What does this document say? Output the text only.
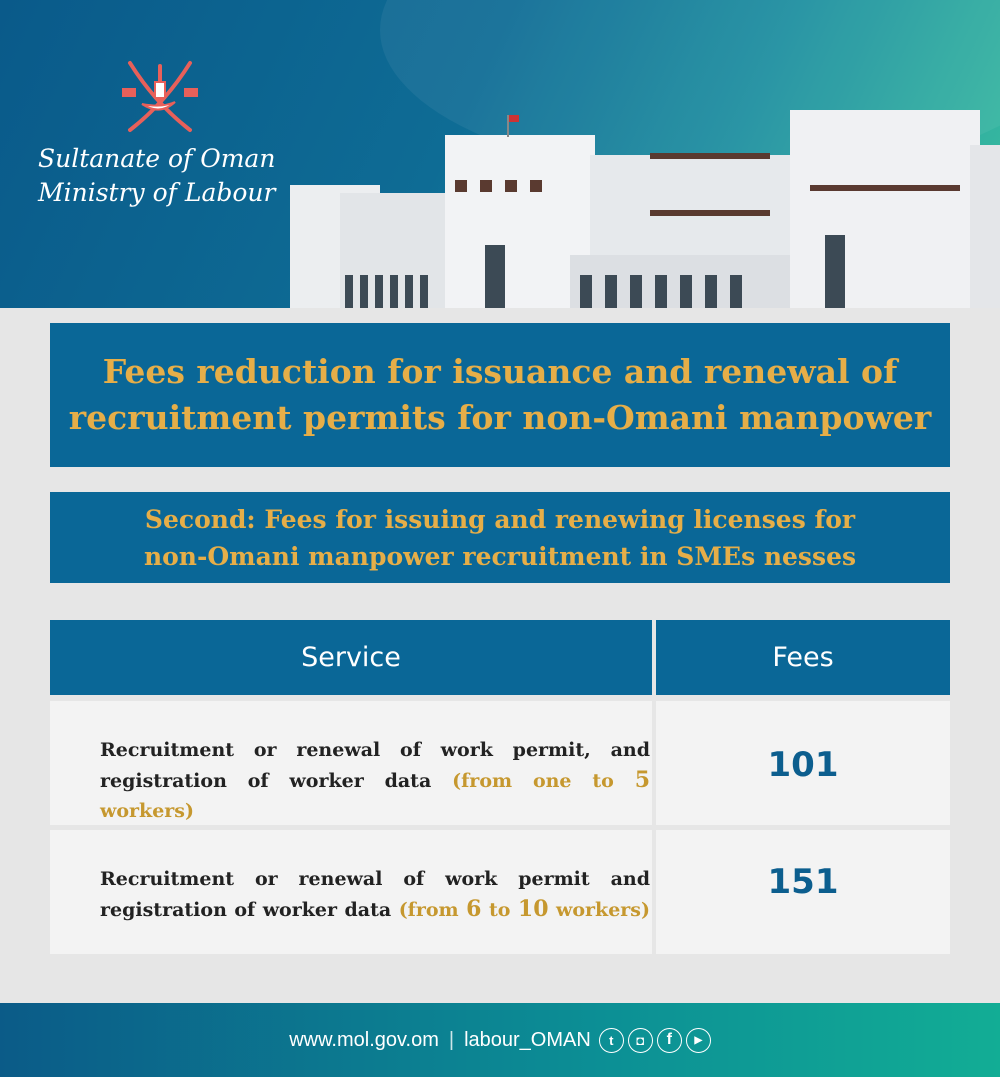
Sultanate of Oman
Ministry of Labour
Fees reduction for issuance and renewal of
recruitment permits for non-Omani manpower
Second: Fees for issuing and renewing licenses for
non-Omani manpower recruitment in SMEs nesses
Service	Fees
Recruitment or renewal of work permit, and
registration of worker data (from one to 5 workers)
101
Recruitment or renewal of work permit and
registration of worker data (from 6 to 10 workers)
151
www.mol.gov.om | labour_OMAN	t	◘	f	▶
